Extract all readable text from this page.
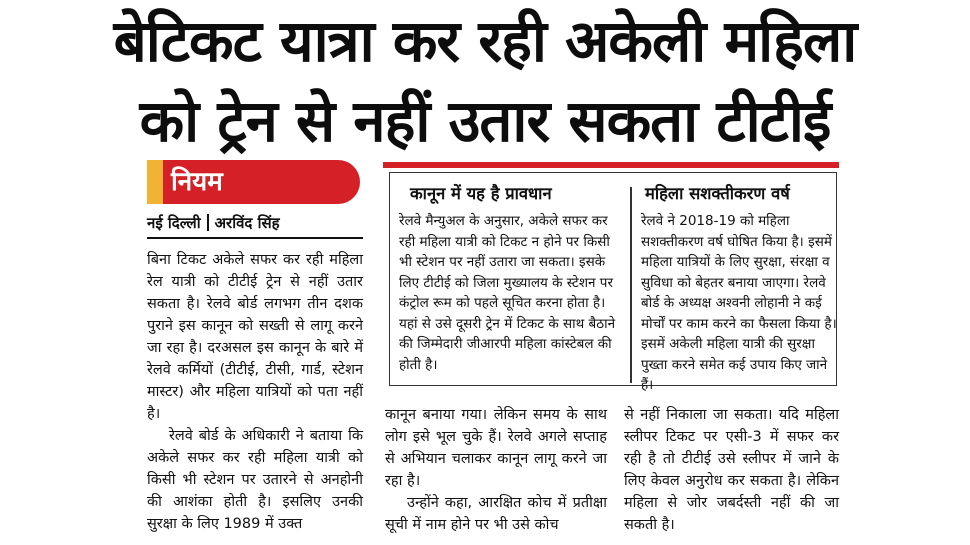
बेटिकट यात्रा कर रही अकेली महिला
को ट्रेन से नहीं उतार सकता टीटीई
नियम
नई दिल्ली अरविंद सिंह

बिना टिकट अकेले सफर कर रही महिला रेल यात्री को टीटीई ट्रेन से नहीं उतार सकता है। रेलवे बोर्ड लगभग तीन दशक पुराने इस कानून को सख्ती से लागू करने जा रहा है। दरअसल इस कानून के बारे में रेलवे कर्मियों (टीटीई, टीसी, गार्ड, स्टेशन मास्टर) और महिला यात्रियों को पता नहीं है।

रेलवे बोर्ड के अधिकारी ने बताया कि अकेले सफर कर रही महिला यात्री को किसी भी स्टेशन पर उतारने से अनहोनी की आशंका होती है। इसलिए उनकी सुरक्षा के लिए 1989 में उक्त

कानून में यह है प्रावधान	महिला सशक्तीकरण वर्ष

रेलवे मैन्युअल के अनुसार, अकेले सफर कर रही महिला यात्री को टिकट न होने पर किसी भी स्टेशन पर नहीं उतारा जा सकता। इसके लिए टीटीई को जिला मुख्यालय के स्टेशन पर कंट्रोल रूम को पहले सूचित करना होता है। यहां से उसे दूसरी ट्रेन में टिकट के साथ बैठाने की जिम्मेदारी जीआरपी महिला कांस्टेबल की होती है।

रेलवे ने 2018-19 को महिला सशक्तीकरण वर्ष घोषित किया है। इसमें महिला यात्रियों के लिए सुरक्षा, संरक्षा व सुविधा को बेहतर बनाया जाएगा। रेलवे बोर्ड के अध्यक्ष अश्वनी लोहानी ने कई मोर्चों पर काम करने का फैसला किया है। इसमें अकेली महिला यात्री की सुरक्षा पुख्ता करने समेत कई उपाय किए जाने हैं।

कानून बनाया गया। लेकिन समय के साथ लोग इसे भूल चुके हैं। रेलवे अगले सप्ताह से अभियान चलाकर कानून लागू करने जा रहा है।

उन्होंने कहा, आरक्षित कोच में प्रतीक्षा सूची में नाम होने पर भी उसे कोच

से नहीं निकाला जा सकता। यदि महिला स्लीपर टिकट पर एसी-3 में सफर कर रही है तो टीटीई उसे स्लीपर में जाने के लिए केवल अनुरोध कर सकता है। लेकिन महिला से जोर जबर्दस्ती नहीं की जा सकती है।
